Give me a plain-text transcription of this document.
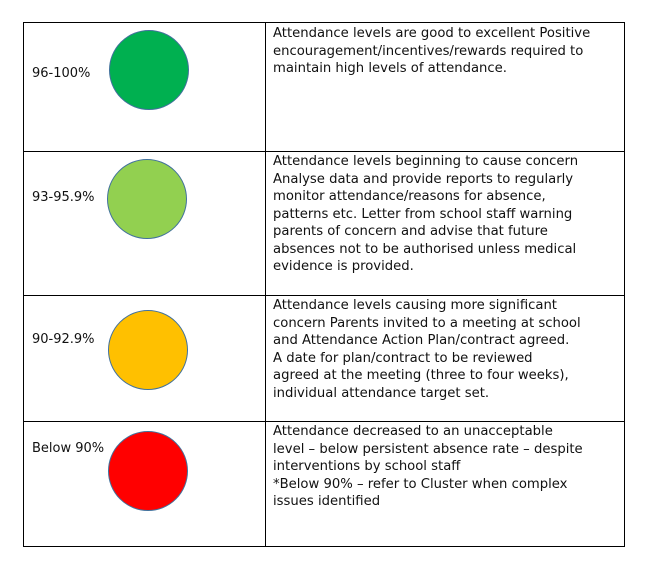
96-100%
Attendance levels are good to excellent Positive
encouragement/incentives/rewards required to
maintain high levels of attendance.
93-95.9%
Attendance levels beginning to cause concern
Analyse data and provide reports to regularly
monitor attendance/reasons for absence,
patterns etc. Letter from school staff warning
parents of concern and advise that future
absences not to be authorised unless medical
evidence is provided.
90-92.9%
Attendance levels causing more significant
concern Parents invited to a meeting at school
and Attendance Action Plan/contract agreed.
A date for plan/contract to be reviewed
agreed at the meeting (three to four weeks),
individual attendance target set.
Below 90%
Attendance decreased to an unacceptable
level – below persistent absence rate – despite
interventions by school staff
*Below 90% – refer to Cluster when complex
issues identified
